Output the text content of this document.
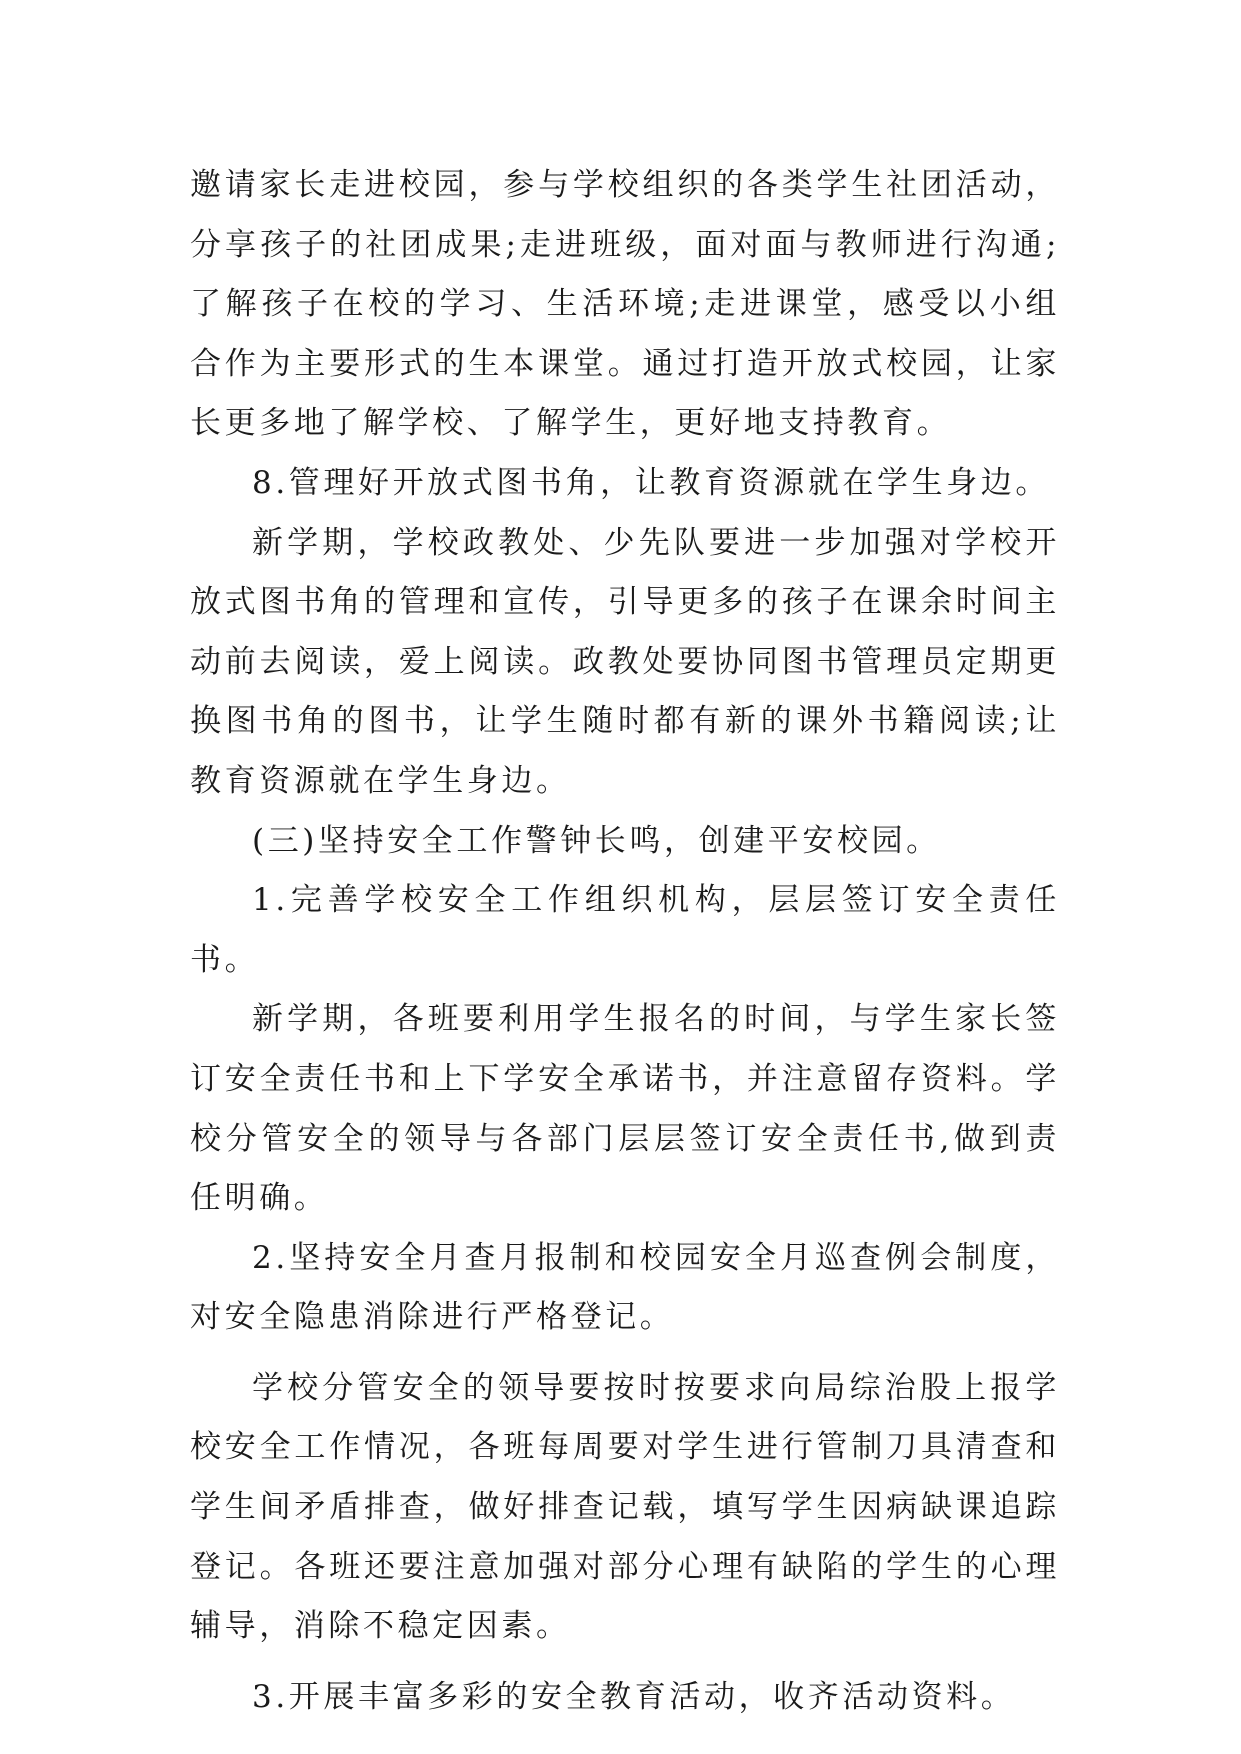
邀请家长走进校园，参与学校组织的各类学生社团活动，分享孩子的社团成果;走进班级，面对面与教师进行沟通;了解孩子在校的学习、生活环境;走进课堂，感受以小组合作为主要形式的生本课堂。通过打造开放式校园，让家长更多地了解学校、了解学生，更好地支持教育。

8.管理好开放式图书角，让教育资源就在学生身边。

新学期，学校政教处、少先队要进一步加强对学校开放式图书角的管理和宣传，引导更多的孩子在课余时间主动前去阅读，爱上阅读。政教处要协同图书管理员定期更换图书角的图书，让学生随时都有新的课外书籍阅读;让教育资源就在学生身边。

(三)坚持安全工作警钟长鸣，创建平安校园。

1.完善学校安全工作组织机构，层层签订安全责任书。

新学期，各班要利用学生报名的时间，与学生家长签订安全责任书和上下学安全承诺书，并注意留存资料。学校分管安全的领导与各部门层层签订安全责任书,做到责任明确。

2.坚持安全月查月报制和校园安全月巡查例会制度，对安全隐患消除进行严格登记。

学校分管安全的领导要按时按要求向局综治股上报学校安全工作情况，各班每周要对学生进行管制刀具清查和学生间矛盾排查，做好排查记载，填写学生因病缺课追踪登记。各班还要注意加强对部分心理有缺陷的学生的心理辅导，消除不稳定因素。

3.开展丰富多彩的安全教育活动，收齐活动资料。
